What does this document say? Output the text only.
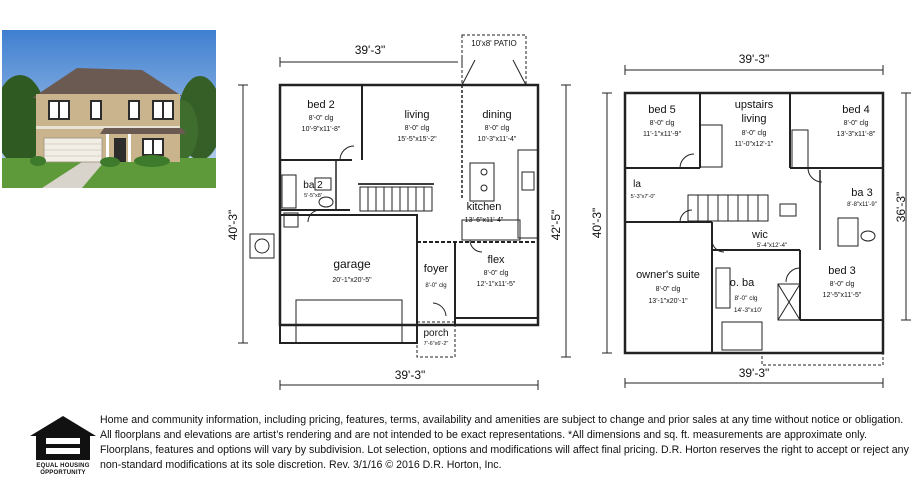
39'-3"
39'-3"
40'-3"	42'-5"
10'x8' PATIO
bed 2
8'-0" clg
10'-9"x11'-8"
living
8'-0" clg
15'-5"x15'-2"
dining
8'-0" clg
10'-3"x11'-4"
ba 2
5'-5"x8'
kitchen
13'-6"x11'-4"
garage
20'-1"x20'-5"
foyer
8'-0" clg
flex
8'-0" clg
12'-1"x11'-5"
porch
7'-6"x6'-2"
39'-3"
39'-3"
40'-3"
36'-3"
bed 5
8'-0" clg
11'-1"x11'-9"
upstairs
living
8'-0" clg
11'-0"x12'-1"
bed 4
8'-0" clg
13'-3"x11'-8"
la
5'-3"x7'-0"	ba 3
8'-8"x11'-9"
wic
5'-4"x12'-4"
owner's suite
8'-0" clg
13'-1"x20'-1"
o. ba
8'-0" clg
14'-3"x10'
bed 3
8'-0" clg
12'-5"x11'-5"
EQUAL HOUSING
OPPORTUNITY
Home and community information, including pricing, features, terms, availability and amenities are subject to change and prior sales at any time without notice or obligation. All floorplans and elevations are artist’s rendering and are not intended to be exact representations. *All dimensions and sq. ft. measurements are approximate only. Floorplans, features and options will vary by subdivision. Lot selection, options and modifications will affect final pricing. D.R. Horton reserves the right to accept or reject any non-standard modifications at its sole discretion. Rev. 3/1/16 © 2016 D.R. Horton, Inc.
